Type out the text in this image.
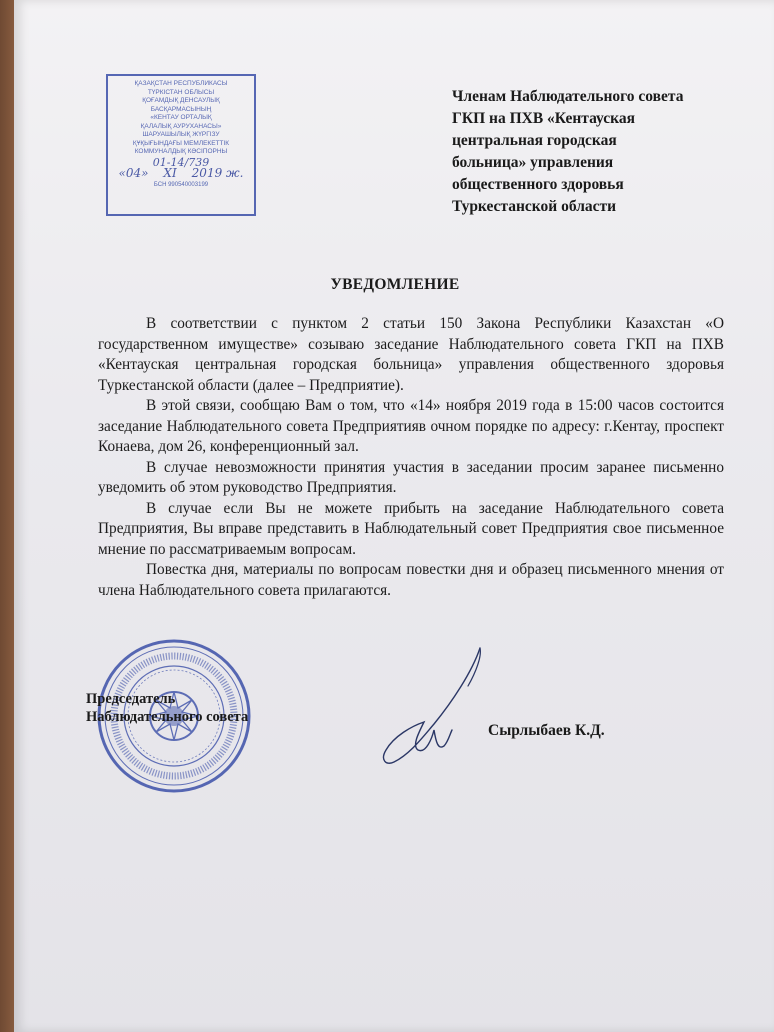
ҚАЗАҚСТАН РЕСПУБЛИКАСЫ
ТҮРКІСТАН ОБЛЫСЫ
ҚОҒАМДЫҚ ДЕНСАУЛЫҚ
БАСҚАРМАСЫНЫҢ
«КЕНТАУ ОРТАЛЫҚ
ҚАЛАЛЫҚ АУРУХАНАСЫ»
ШАРУАШЫЛЫҚ ЖҮРГІЗУ
ҚҰҚЫҒЫНДАҒЫ МЕМЛЕКЕТТІК
КОММУНАЛДЫҚ КӘСІПОРНЫ
01-14/739
«04» XI 2019 ж.
БСН 990540003199
Членам Наблюдательного совета
ГКП на ПХВ «Кентауская
центральная городская
больница» управления
общественного здоровья
Туркестанской области
УВЕДОМЛЕНИЕ

В соответствии с пунктом 2 статьи 150 Закона Республики Казахстан «О государственном имуществе» созываю заседание Наблюдательного совета ГКП на ПХВ «Кентауская центральная городская больница» управления общественного здоровья Туркестанской области (далее – Предприятие).

В этой связи, сообщаю Вам о том, что «14» ноября 2019 года в 15:00 часов состоится заседание Наблюдательного совета Предприятияв очном порядке по адресу: г.Кентау, проспект Конаева, дом 26, конференционный зал.

В случае невозможности принятия участия в заседании просим заранее письменно уведомить об этом руководство Предприятия.

В случае если Вы не можете прибыть на заседание Наблюдательного совета Предприятия, Вы вправе представить в Наблюдательный совет Предприятия свое письменное мнение по рассматриваемым вопросам.

Повестка дня, материалы по вопросам повестки дня и образец письменного мнения от члена Наблюдательного совета прилагаются.

Председатель
Наблюдательного совета
Сырлыбаев К.Д.
